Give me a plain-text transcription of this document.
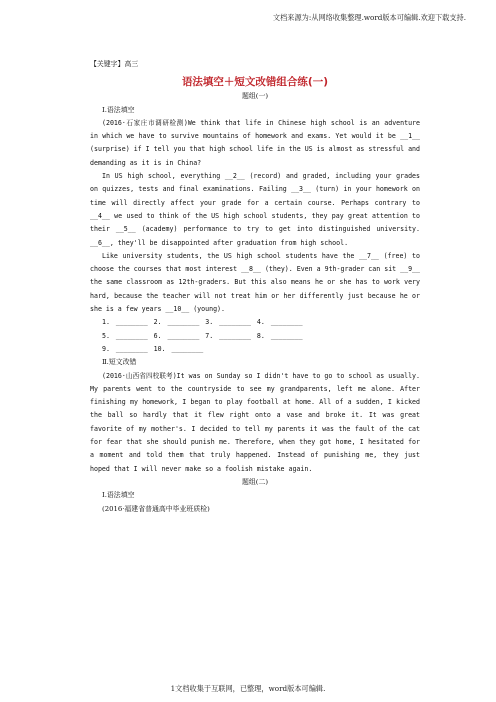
文档来源为:从网络收集整理.word版本可编辑.欢迎下载支持.

【关键字】高三

语法填空＋短文改错组合练(一)

题组(一)

Ⅰ.语法填空

(2016·石家庄市调研检测)We think that life in Chinese high school is an adventure in which we have to survive mountains of homework and exams. Yet would it be __1__ (surprise) if I tell you that high school life in the US is almost as stressful and demanding as it is in China?

In US high school, everything __2__ (record) and graded, including your grades on quizzes, tests and final examinations. Failing __3__ (turn) in your homework on time will directly affect your grade for a certain course. Perhaps contrary to __4__ we used to think of the US high school students, they pay great attention to their __5__ (academy) performance to try to get into distinguished university. __6__, they'll be disappointed after graduation from high school.

Like university students, the US high school students have the __7__ (free) to choose the courses that most interest __8__ (they). Even a 9th-grader can sit __9__ the same classroom as 12th-graders. But this also means he or she has to work very hard, because the teacher will not treat him or her differently just because he or she is a few years __10__ (young).

1. ________ 2. ________ 3. ________ 4. ________

5. ________ 6. ________ 7. ________ 8. ________

9. ________ 10. ________

Ⅱ.短文改错

(2016·山西省四校联考)It was on Sunday so I didn't have to go to school as usually. My parents went to the countryside to see my grandparents, left me alone. After finishing my homework, I began to play football at home. All of a sudden, I kicked the ball so hardly that it flew right onto a vase and broke it. It was great favorite of my mother's. I decided to tell my parents it was the fault of the cat for fear that she should punish me. Therefore, when they got home, I hesitated for a moment and told them that truly happened. Instead of punishing me, they just hoped that I will never make so a foolish mistake again.

题组(二)

Ⅰ.语法填空

(2016·福建省普通高中毕业班质检)

1文档收集于互联网，已整理，word版本可编辑.
